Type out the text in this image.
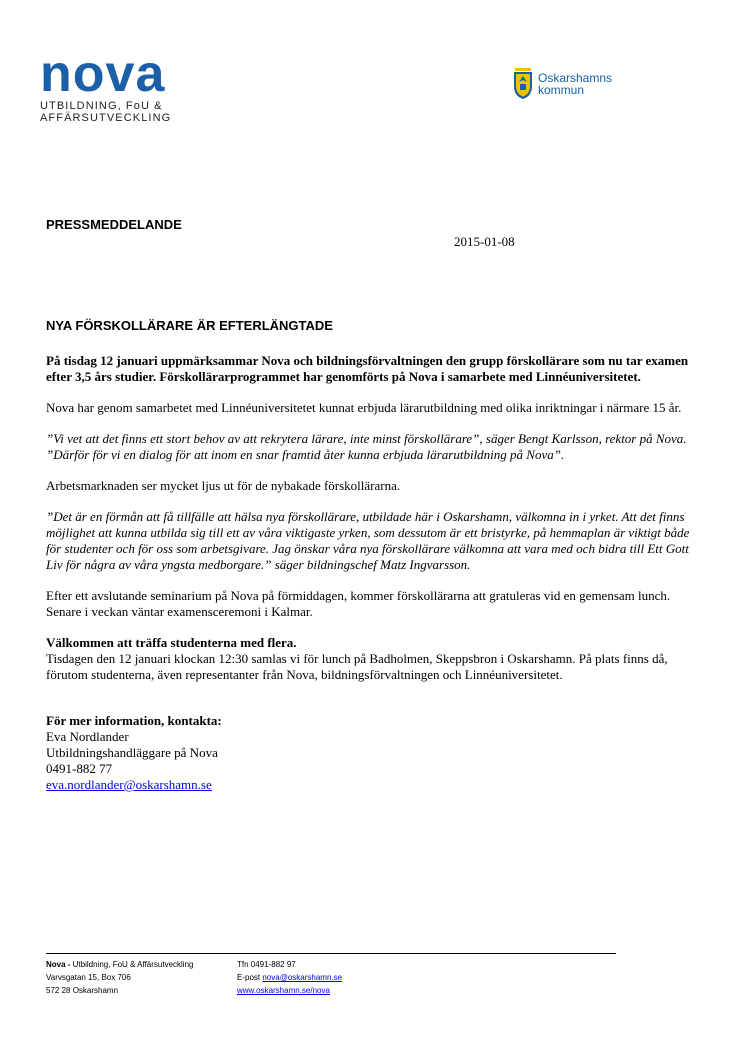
nova
UTBILDNING, FoU &
AFFÄRSUTVECKLING
Oskarshamns
kommun
PRESSMEDDELANDE
2015-01-08
NYA FÖRSKOLLÄRARE ÄR EFTERLÄNGTADE

På tisdag 12 januari uppmärksammar Nova och bildningsförvaltningen den grupp förskollärare som nu tar examen efter 3,5 års studier. Förskollärarprogrammet har genomförts på Nova i samarbete med Linnéuniversitetet.

Nova har genom samarbetet med Linnéuniversitetet kunnat erbjuda lärarutbildning med olika inriktningar i närmare 15 år.

”Vi vet att det finns ett stort behov av att rekrytera lärare, inte minst förskollärare”, säger Bengt Karlsson, rektor på Nova. ”Därför för vi en dialog för att inom en snar framtid åter kunna erbjuda lärarutbildning på Nova”.

Arbetsmarknaden ser mycket ljus ut för de nybakade förskollärarna.

”Det är en förmån att få tillfälle att hälsa nya förskollärare, utbildade här i Oskarshamn, välkomna in i yrket. Att det finns möjlighet att kunna utbilda sig till ett av våra viktigaste yrken, som dessutom är ett bristyrke, på hemmaplan är viktigt både för studenter och för oss som arbetsgivare. Jag önskar våra nya förskollärare välkomna att vara med och bidra till Ett Gott Liv för några av våra yngsta medborgare.” säger bildningschef Matz Ingvarsson.

Efter ett avslutande seminarium på Nova på förmiddagen, kommer förskollärarna att gratuleras vid en gemensam lunch. Senare i veckan väntar examensceremoni i Kalmar.

Välkommen att träffa studenterna med flera.
Tisdagen den 12 januari klockan 12:30 samlas vi för lunch på Badholmen, Skeppsbron i Oskarshamn. På plats finns då, förutom studenterna, även representanter från Nova, bildningsförvaltningen och Linnéuniversitetet.
För mer information, kontakta:
Eva Nordlander
Utbildningshandläggare på Nova
0491-882 77
eva.nordlander@oskarshamn.se
Nova - Utbildning, FoU & Affärsutveckling
Varvsgatan 15, Box 706
572 28 Oskarshamn
Tfn 0491-882 97
E-post nova@oskarshamn.se
www.oskarshamn.se/nova
